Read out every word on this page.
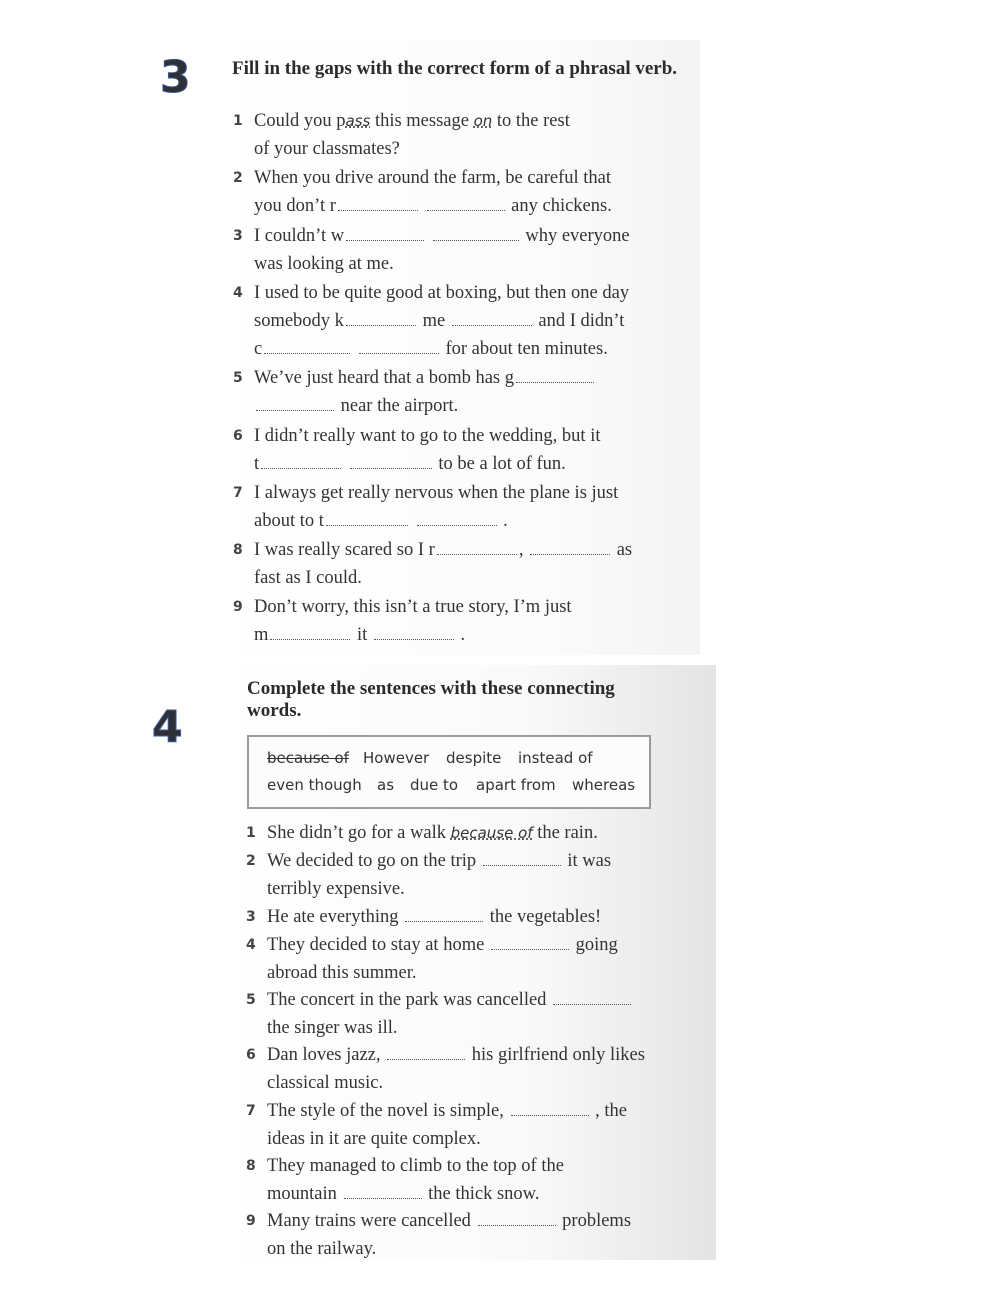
3 Fill in the gaps with the correct form of a phrasal verb.
1 Could you pass this message on to the rest
of your classmates?
2 When you drive around the farm, be careful that
you don’t r	any chickens.
3 I couldn’t w	why everyone
was looking at me.
4 I used to be quite good at boxing, but then one day
somebody k	me	and I didn’t
c	for about ten minutes.
5 We’ve just heard that a bomb has g
near the airport.
6 I didn’t really want to go to the wedding, but it
t	to be a lot of fun.
7 I always get really nervous when the plane is just
about to t	.
8 I was really scared so I r	,	as
fast as I could.
9 Don’t worry, this isn’t a true story, I’m just
m	it	.
4
Complete the sentences with these connecting words.
because of However despite instead of
even though as due to apart from whereas
1 She didn’t go for a walk because of the rain.
2 We decided to go on the trip	it was
terribly expensive.
3 He ate everything	the vegetables!
4 They decided to stay at home	going
abroad this summer.
5 The concert in the park was cancelled
the singer was ill.
6 Dan loves jazz,	his girlfriend only likes
classical music.
7 The style of the novel is simple,	, the
ideas in it are quite complex.
8 They managed to climb to the top of the
mountain	the thick snow.
9 Many trains were cancelled	problems
on the railway.
